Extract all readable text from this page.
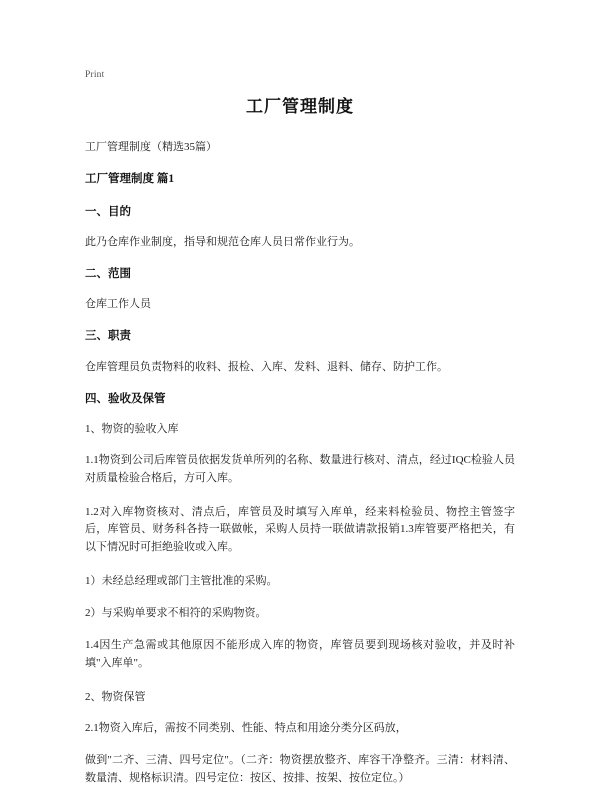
Print
工厂管理制度

工厂管理制度（精选35篇）

工厂管理制度 篇1

一、目的

此乃仓库作业制度，指导和规范仓库人员日常作业行为。

二、范围

仓库工作人员

三、职责

仓库管理员负责物料的收料、报检、入库、发料、退料、储存、防护工作。

四、验收及保管

1、物资的验收入库

1.1物资到公司后库管员依据发货单所列的名称、数量进行核对、清点，经过IQC检验人员对质量检验合格后，方可入库。

1.2对入库物资核对、清点后，库管员及时填写入库单，经来料检验员、物控主管签字后，库管员、财务科各持一联做帐，采购人员持一联做请款报销1.3库管要严格把关，有以下情况时可拒绝验收或入库。

1）未经总经理或部门主管批准的采购。

2）与采购单要求不相符的采购物资。

1.4因生产急需或其他原因不能形成入库的物资，库管员要到现场核对验收，并及时补填"入库单"。

2、物资保管

2.1物资入库后，需按不同类别、性能、特点和用途分类分区码放，

做到"二齐、三清、四号定位"。（二齐：物资摆放整齐、库容干净整齐。三清：材料清、数量清、规格标识清。四号定位：按区、按排、按架、按位定位。）
